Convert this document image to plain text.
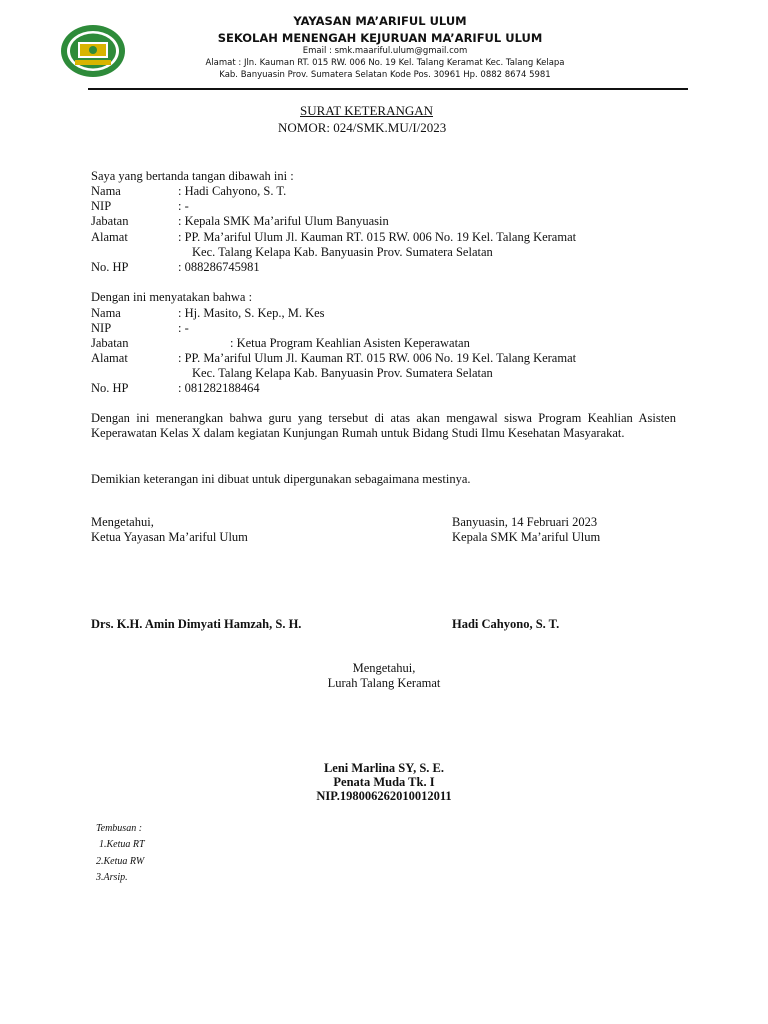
YAYASAN MA’ARIFUL ULUM
SEKOLAH MENENGAH KEJURUAN MA’ARIFUL ULUM
Email : smk.maariful.ulum@gmail.com
Alamat : Jln. Kauman RT. 015 RW. 006 No. 19 Kel. Talang Keramat Kec. Talang Kelapa
Kab. Banyuasin Prov. Sumatera Selatan Kode Pos. 30961 Hp. 0882 8674 5981
SURAT KETERANGAN
NOMOR: 024/SMK.MU/I/2023
Saya yang bertanda tangan dibawah ini :
Nama	: Hadi Cahyono, S. T.
NIP	: -
Jabatan	: Kepala SMK Ma’ariful Ulum Banyuasin
Alamat	: PP. Ma’ariful Ulum Jl. Kauman RT. 015 RW. 006 No. 19 Kel. Talang Keramat
Kec. Talang Kelapa Kab. Banyuasin Prov. Sumatera Selatan
No. HP	: 088286745981
Dengan ini menyatakan bahwa :
Nama	: Hj. Masito, S. Kep., M. Kes
NIP	: -
Jabatan	: Ketua Program Keahlian Asisten Keperawatan
Alamat	: PP. Ma’ariful Ulum Jl. Kauman RT. 015 RW. 006 No. 19 Kel. Talang Keramat
Kec. Talang Kelapa Kab. Banyuasin Prov. Sumatera Selatan
No. HP	: 081282188464
Dengan ini menerangkan bahwa guru yang tersebut di atas akan mengawal siswa Program Keahlian Asisten Keperawatan Kelas X dalam kegiatan Kunjungan Rumah untuk Bidang Studi Ilmu Kesehatan Masyarakat.
Demikian keterangan ini dibuat untuk dipergunakan sebagaimana mestinya.
Mengetahui,
Ketua Yayasan Ma’ariful Ulum
Drs. K.H. Amin Dimyati Hamzah, S. H.
Banyuasin, 14 Februari 2023
Kepala SMK Ma’ariful Ulum
Hadi Cahyono, S. T.
Mengetahui,
Lurah Talang Keramat
Leni Marlina SY, S. E.
Penata Muda Tk. I
NIP.198006262010012011
Tembusan :
1.Ketua RT
2.Ketua RW
3.Arsip.
